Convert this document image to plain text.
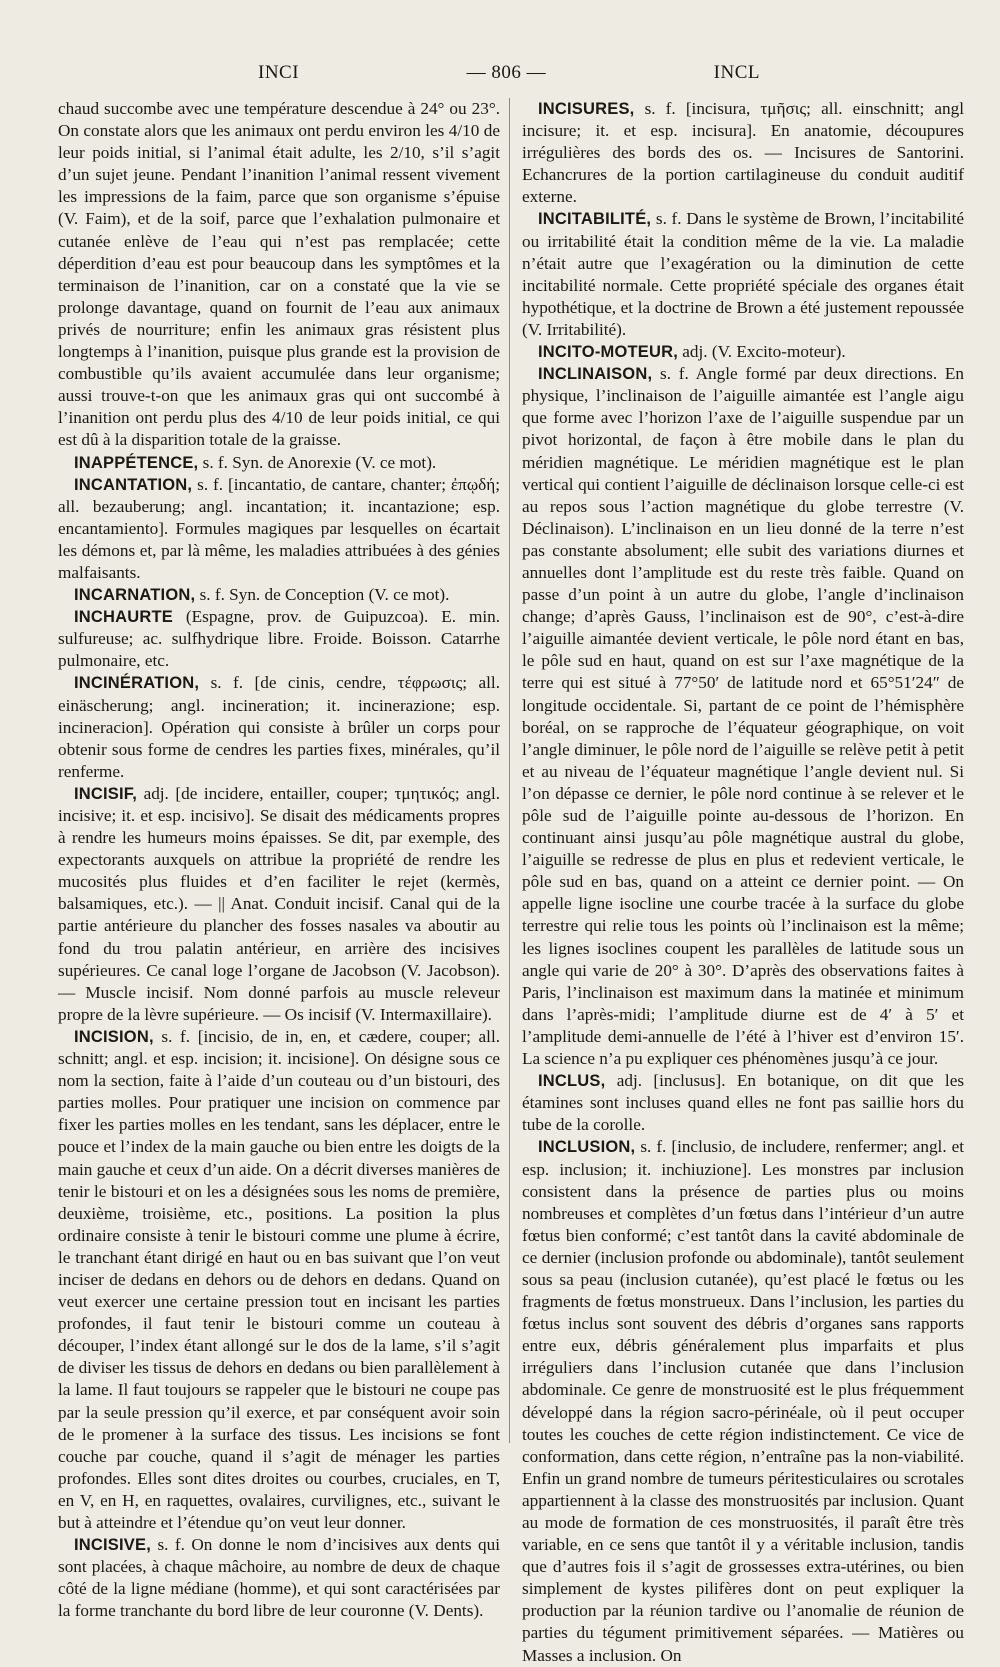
INCI	— 806 —	INCL

chaud succombe avec une température descendue à 24° ou 23°. On constate alors que les animaux ont perdu environ les 4/10 de leur poids initial, si l’animal était adulte, les 2/10, s’il s’agit d’un sujet jeune. Pendant l’inanition l’animal ressent vivement les impressions de la faim, parce que son organisme s’épuise (V. Faim), et de la soif, parce que l’exhalation pulmonaire et cutanée enlève de l’eau qui n’est pas remplacée; cette déperdition d’eau est pour beaucoup dans les symptômes et la terminaison de l’inanition, car on a constaté que la vie se prolonge davantage, quand on fournit de l’eau aux animaux privés de nourriture; enfin les animaux gras résistent plus longtemps à l’inanition, puisque plus grande est la provision de combustible qu’ils avaient accumulée dans leur organisme; aussi trouve-t-on que les animaux gras qui ont succombé à l’inanition ont perdu plus des 4/10 de leur poids initial, ce qui est dû à la disparition totale de la graisse.

INAPPÉTENCE, s. f. Syn. de Anorexie (V. ce mot).

INCANTATION, s. f. [incantatio, de cantare, chanter; ἐπῳδή; all. bezauberung; angl. incantation; it. incantazione; esp. encantamiento]. Formules magiques par lesquelles on écartait les démons et, par là même, les maladies attribuées à des génies malfaisants.

INCARNATION, s. f. Syn. de Conception (V. ce mot).

INCHAURTE (Espagne, prov. de Guipuzcoa). E. min. sulfureuse; ac. sulfhydrique libre. Froide. Boisson. Catarrhe pulmonaire, etc.

INCINÉRATION, s. f. [de cinis, cendre, τέφρωσις; all. einäscherung; angl. incineration; it. incinerazione; esp. incineracion]. Opération qui consiste à brûler un corps pour obtenir sous forme de cendres les parties fixes, minérales, qu’il renferme.

INCISIF, adj. [de incidere, entailler, couper; τμητικός; angl. incisive; it. et esp. incisivo]. Se disait des médicaments propres à rendre les humeurs moins épaisses. Se dit, par exemple, des expectorants auxquels on attribue la propriété de rendre les mucosités plus fluides et d’en faciliter le rejet (kermès, balsamiques, etc.). — || Anat. Conduit incisif. Canal qui de la partie antérieure du plancher des fosses nasales va aboutir au fond du trou palatin antérieur, en arrière des incisives supérieures. Ce canal loge l’organe de Jacobson (V. Jacobson). — Muscle incisif. Nom donné parfois au muscle releveur propre de la lèvre supérieure. — Os incisif (V. Intermaxillaire).

INCISION, s. f. [incisio, de in, en, et cædere, couper; all. schnitt; angl. et esp. incision; it. incisione]. On désigne sous ce nom la section, faite à l’aide d’un couteau ou d’un bistouri, des parties molles. Pour pratiquer une incision on commence par fixer les parties molles en les tendant, sans les déplacer, entre le pouce et l’index de la main gauche ou bien entre les doigts de la main gauche et ceux d’un aide. On a décrit diverses manières de tenir le bistouri et on les a désignées sous les noms de première, deuxième, troisième, etc., positions. La position la plus ordinaire consiste à tenir le bistouri comme une plume à écrire, le tranchant étant dirigé en haut ou en bas suivant que l’on veut inciser de dedans en dehors ou de dehors en dedans. Quand on veut exercer une certaine pression tout en incisant les parties profondes, il faut tenir le bistouri comme un couteau à découper, l’index étant allongé sur le dos de la lame, s’il s’agit de diviser les tissus de dehors en dedans ou bien parallèlement à la lame. Il faut toujours se rappeler que le bistouri ne coupe pas par la seule pression qu’il exerce, et par conséquent avoir soin de le promener à la surface des tissus. Les incisions se font couche par couche, quand il s’agit de ménager les parties profondes. Elles sont dites droites ou courbes, cruciales, en T, en V, en H, en raquettes, ovalaires, curvilignes, etc., suivant le but à atteindre et l’étendue qu’on veut leur donner.

INCISIVE, s. f. On donne le nom d’incisives aux dents qui sont placées, à chaque mâchoire, au nombre de deux de chaque côté de la ligne médiane (homme), et qui sont caractérisées par la forme tranchante du bord libre de leur couronne (V. Dents).

INCISURES, s. f. [incisura, τμῆσις; all. einschnitt; angl incisure; it. et esp. incisura]. En anatomie, découpures irrégulières des bords des os. — Incisures de Santorini. Echancrures de la portion cartilagineuse du conduit auditif externe.

INCITABILITÉ, s. f. Dans le système de Brown, l’incitabilité ou irritabilité était la condition même de la vie. La maladie n’était autre que l’exagération ou la diminution de cette incitabilité normale. Cette propriété spéciale des organes était hypothétique, et la doctrine de Brown a été justement repoussée (V. Irritabilité).

INCITO-MOTEUR, adj. (V. Excito-moteur).

INCLINAISON, s. f. Angle formé par deux directions. En physique, l’inclinaison de l’aiguille aimantée est l’angle aigu que forme avec l’horizon l’axe de l’aiguille suspendue par un pivot horizontal, de façon à être mobile dans le plan du méridien magnétique. Le méridien magnétique est le plan vertical qui contient l’aiguille de déclinaison lorsque celle-ci est au repos sous l’action magnétique du globe terrestre (V. Déclinaison). L’inclinaison en un lieu donné de la terre n’est pas constante absolument; elle subit des variations diurnes et annuelles dont l’amplitude est du reste très faible. Quand on passe d’un point à un autre du globe, l’angle d’inclinaison change; d’après Gauss, l’inclinaison est de 90°, c’est-à-dire l’aiguille aimantée devient verticale, le pôle nord étant en bas, le pôle sud en haut, quand on est sur l’axe magnétique de la terre qui est situé à 77°50′ de latitude nord et 65°51′24″ de longitude occidentale. Si, partant de ce point de l’hémisphère boréal, on se rapproche de l’équateur géographique, on voit l’angle diminuer, le pôle nord de l’aiguille se relève petit à petit et au niveau de l’équateur magnétique l’angle devient nul. Si l’on dépasse ce dernier, le pôle nord continue à se relever et le pôle sud de l’aiguille pointe au-dessous de l’horizon. En continuant ainsi jusqu’au pôle magnétique austral du globe, l’aiguille se redresse de plus en plus et redevient verticale, le pôle sud en bas, quand on a atteint ce dernier point. — On appelle ligne isocline une courbe tracée à la surface du globe terrestre qui relie tous les points où l’inclinaison est la même; les lignes isoclines coupent les parallèles de latitude sous un angle qui varie de 20° à 30°. D’après des observations faites à Paris, l’inclinaison est maximum dans la matinée et minimum dans l’après-midi; l’amplitude diurne est de 4′ à 5′ et l’amplitude demi-annuelle de l’été à l’hiver est d’environ 15′. La science n’a pu expliquer ces phénomènes jusqu’à ce jour.

INCLUS, adj. [inclusus]. En botanique, on dit que les étamines sont incluses quand elles ne font pas saillie hors du tube de la corolle.

INCLUSION, s. f. [inclusio, de includere, renfermer; angl. et esp. inclusion; it. inchiuzione]. Les monstres par inclusion consistent dans la présence de parties plus ou moins nombreuses et complètes d’un fœtus dans l’intérieur d’un autre fœtus bien conformé; c’est tantôt dans la cavité abdominale de ce dernier (inclusion profonde ou abdominale), tantôt seulement sous sa peau (inclusion cutanée), qu’est placé le fœtus ou les fragments de fœtus monstrueux. Dans l’inclusion, les parties du fœtus inclus sont souvent des débris d’organes sans rapports entre eux, débris généralement plus imparfaits et plus irréguliers dans l’inclusion cutanée que dans l’inclusion abdominale. Ce genre de monstruosité est le plus fréquemment développé dans la région sacro-périnéale, où il peut occuper toutes les couches de cette région indistinctement. Ce vice de conformation, dans cette région, n’entraîne pas la non-viabilité. Enfin un grand nombre de tumeurs péritesticulaires ou scrotales appartiennent à la classe des monstruosités par inclusion. Quant au mode de formation de ces monstruosités, il paraît être très variable, en ce sens que tantôt il y a véritable inclusion, tandis que d’autres fois il s’agit de grossesses extra-utérines, ou bien simplement de kystes pilifères dont on peut expliquer la production par la réunion tardive ou l’anomalie de réunion de parties du tégument primitivement séparées. — Matières ou Masses a inclusion. On
